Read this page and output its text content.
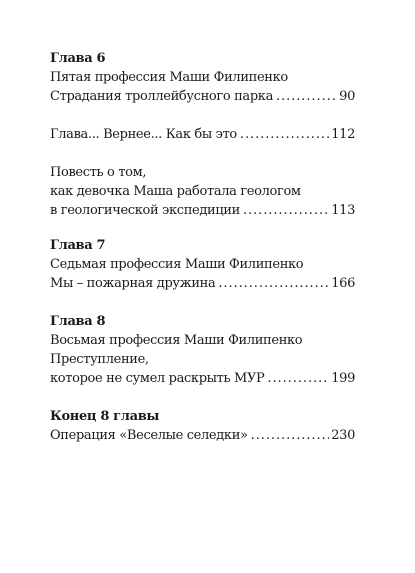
Глава 6
Пятая профессия Маши Филипенко
Страдания троллейбусного парка . . .	90
Глава... Вернее... Как бы это . . .	112
Повесть о том,
как девочка Маша работала геологом
в геологической экспедиции . . .	113
Глава 7
Седьмая профессия Маши Филипенко
Мы – пожарная дружина . . .	166
Глава 8
Восьмая профессия Маши Филипенко
Преступление,
которое не сумел раскрыть МУР . . .	199
Конец 8 главы
Операция «Веселые селедки» . . .	230
